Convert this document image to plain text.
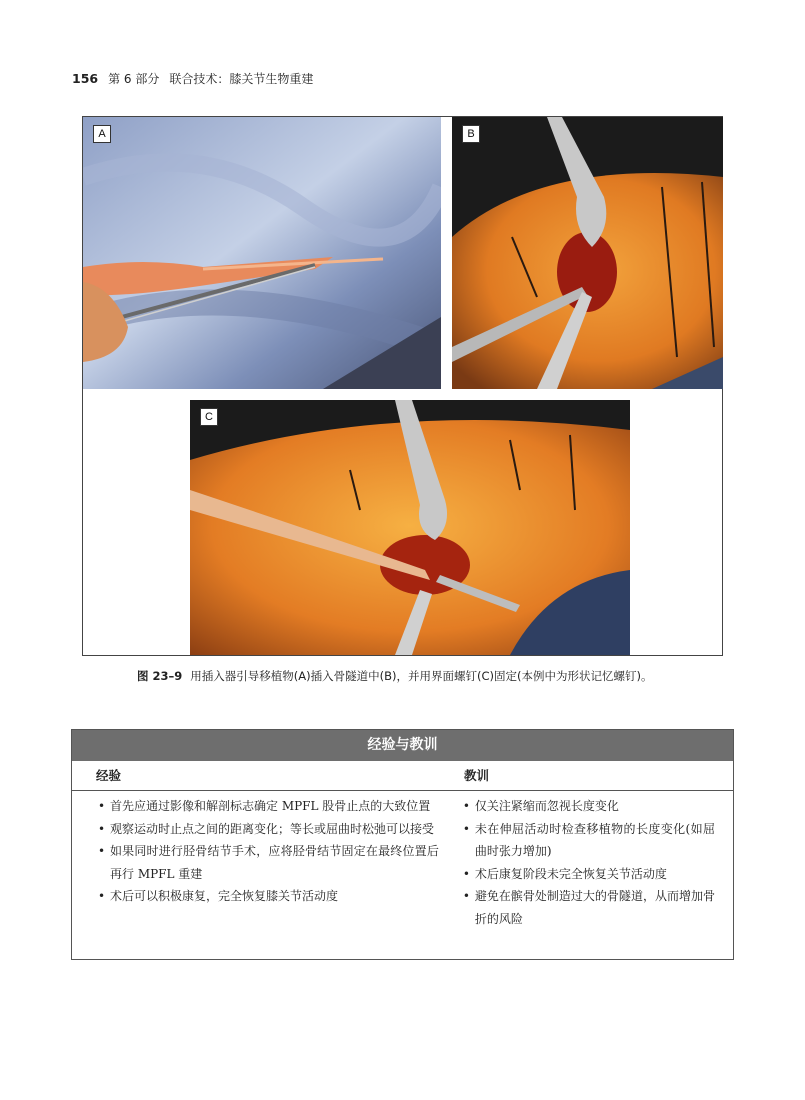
156 第 6 部分 联合技术：膝关节生物重建
A	B
C
图 23–9 用插入器引导移植物(A)插入骨隧道中(B)，并用界面螺钉(C)固定(本例中为形状记忆螺钉)。
经验与教训
经验	教训
• 首先应通过影像和解剖标志确定 MPFL 股骨止点的大致位置
• 观察运动时止点之间的距离变化；等长或屈曲时松弛可以接受
• 如果同时进行胫骨结节手术，应将胫骨结节固定在最终位置后再行 MPFL 重建
• 术后可以积极康复，完全恢复膝关节活动度
• 仅关注紧缩而忽视长度变化
• 未在伸屈活动时检查移植物的长度变化(如屈曲时张力增加)
• 术后康复阶段未完全恢复关节活动度
• 避免在髌骨处制造过大的骨隧道，从而增加骨折的风险
